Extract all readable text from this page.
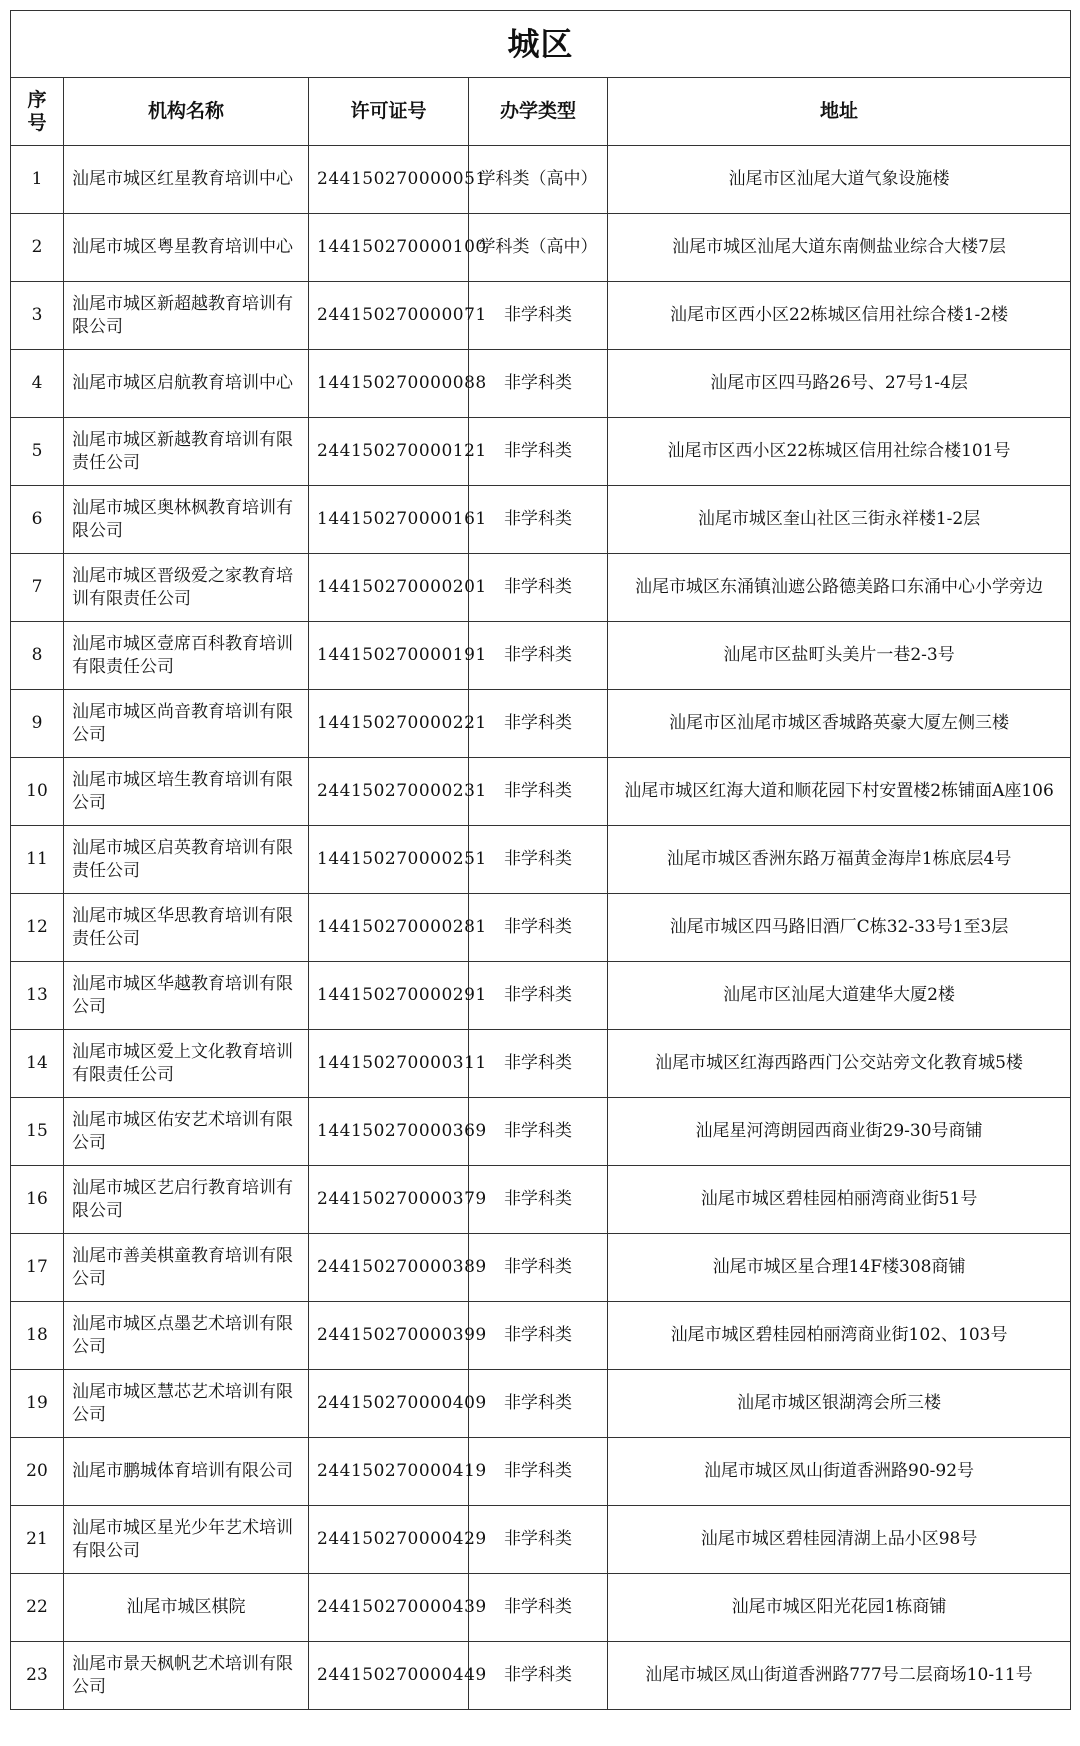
城区				
序号	机构名称	许可证号	办学类型	地址
1	汕尾市城区红星教育培训中心	244150270000051	学科类（高中）	汕尾市区汕尾大道气象设施楼
2	汕尾市城区粤星教育培训中心	144150270000100	学科类（高中）	汕尾市城区汕尾大道东南侧盐业综合大楼7层
3	汕尾市城区新超越教育培训有限公司	244150270000071	非学科类	汕尾市区西小区22栋城区信用社综合楼1-2楼
4	汕尾市城区启航教育培训中心	144150270000088	非学科类	汕尾市区四马路26号、27号1-4层
5	汕尾市城区新越教育培训有限责任公司	244150270000121	非学科类	汕尾市区西小区22栋城区信用社综合楼101号
6	汕尾市城区奥林枫教育培训有限公司	144150270000161	非学科类	汕尾市城区奎山社区三街永祥楼1-2层
7	汕尾市城区晋级爱之家教育培训有限责任公司	144150270000201	非学科类	汕尾市城区东涌镇汕遮公路德美路口东涌中心小学旁边
8	汕尾市城区壹席百科教育培训有限责任公司	144150270000191	非学科类	汕尾市区盐町头美片一巷2-3号
9	汕尾市城区尚音教育培训有限公司	144150270000221	非学科类	汕尾市区汕尾市城区香城路英豪大厦左侧三楼
10	汕尾市城区培生教育培训有限公司	244150270000231	非学科类	汕尾市城区红海大道和顺花园下村安置楼2栋铺面A座106
11	汕尾市城区启英教育培训有限责任公司	144150270000251	非学科类	汕尾市城区香洲东路万福黄金海岸1栋底层4号
12	汕尾市城区华思教育培训有限责任公司	144150270000281	非学科类	汕尾市城区四马路旧酒厂C栋32-33号1至3层
13	汕尾市城区华越教育培训有限公司	144150270000291	非学科类	汕尾市区汕尾大道建华大厦2楼
14	汕尾市城区爱上文化教育培训有限责任公司	144150270000311	非学科类	汕尾市城区红海西路西门公交站旁文化教育城5楼
15	汕尾市城区佑安艺术培训有限公司	144150270000369	非学科类	汕尾星河湾朗园西商业街29-30号商铺
16	汕尾市城区艺启行教育培训有限公司	244150270000379	非学科类	汕尾市城区碧桂园柏丽湾商业街51号
17	汕尾市善美棋童教育培训有限公司	244150270000389	非学科类	汕尾市城区星合理14F楼308商铺
18	汕尾市城区点墨艺术培训有限公司	244150270000399	非学科类	汕尾市城区碧桂园柏丽湾商业街102、103号
19	汕尾市城区慧芯艺术培训有限公司	244150270000409	非学科类	汕尾市城区银湖湾会所三楼
20	汕尾市鹏城体育培训有限公司	244150270000419	非学科类	汕尾市城区凤山街道香洲路90-92号
21	汕尾市城区星光少年艺术培训有限公司	244150270000429	非学科类	汕尾市城区碧桂园清湖上品小区98号
22	汕尾市城区棋院	244150270000439	非学科类	汕尾市城区阳光花园1栋商铺
23	汕尾市景天枫帆艺术培训有限公司	244150270000449	非学科类	汕尾市城区凤山街道香洲路777号二层商场10-11号
